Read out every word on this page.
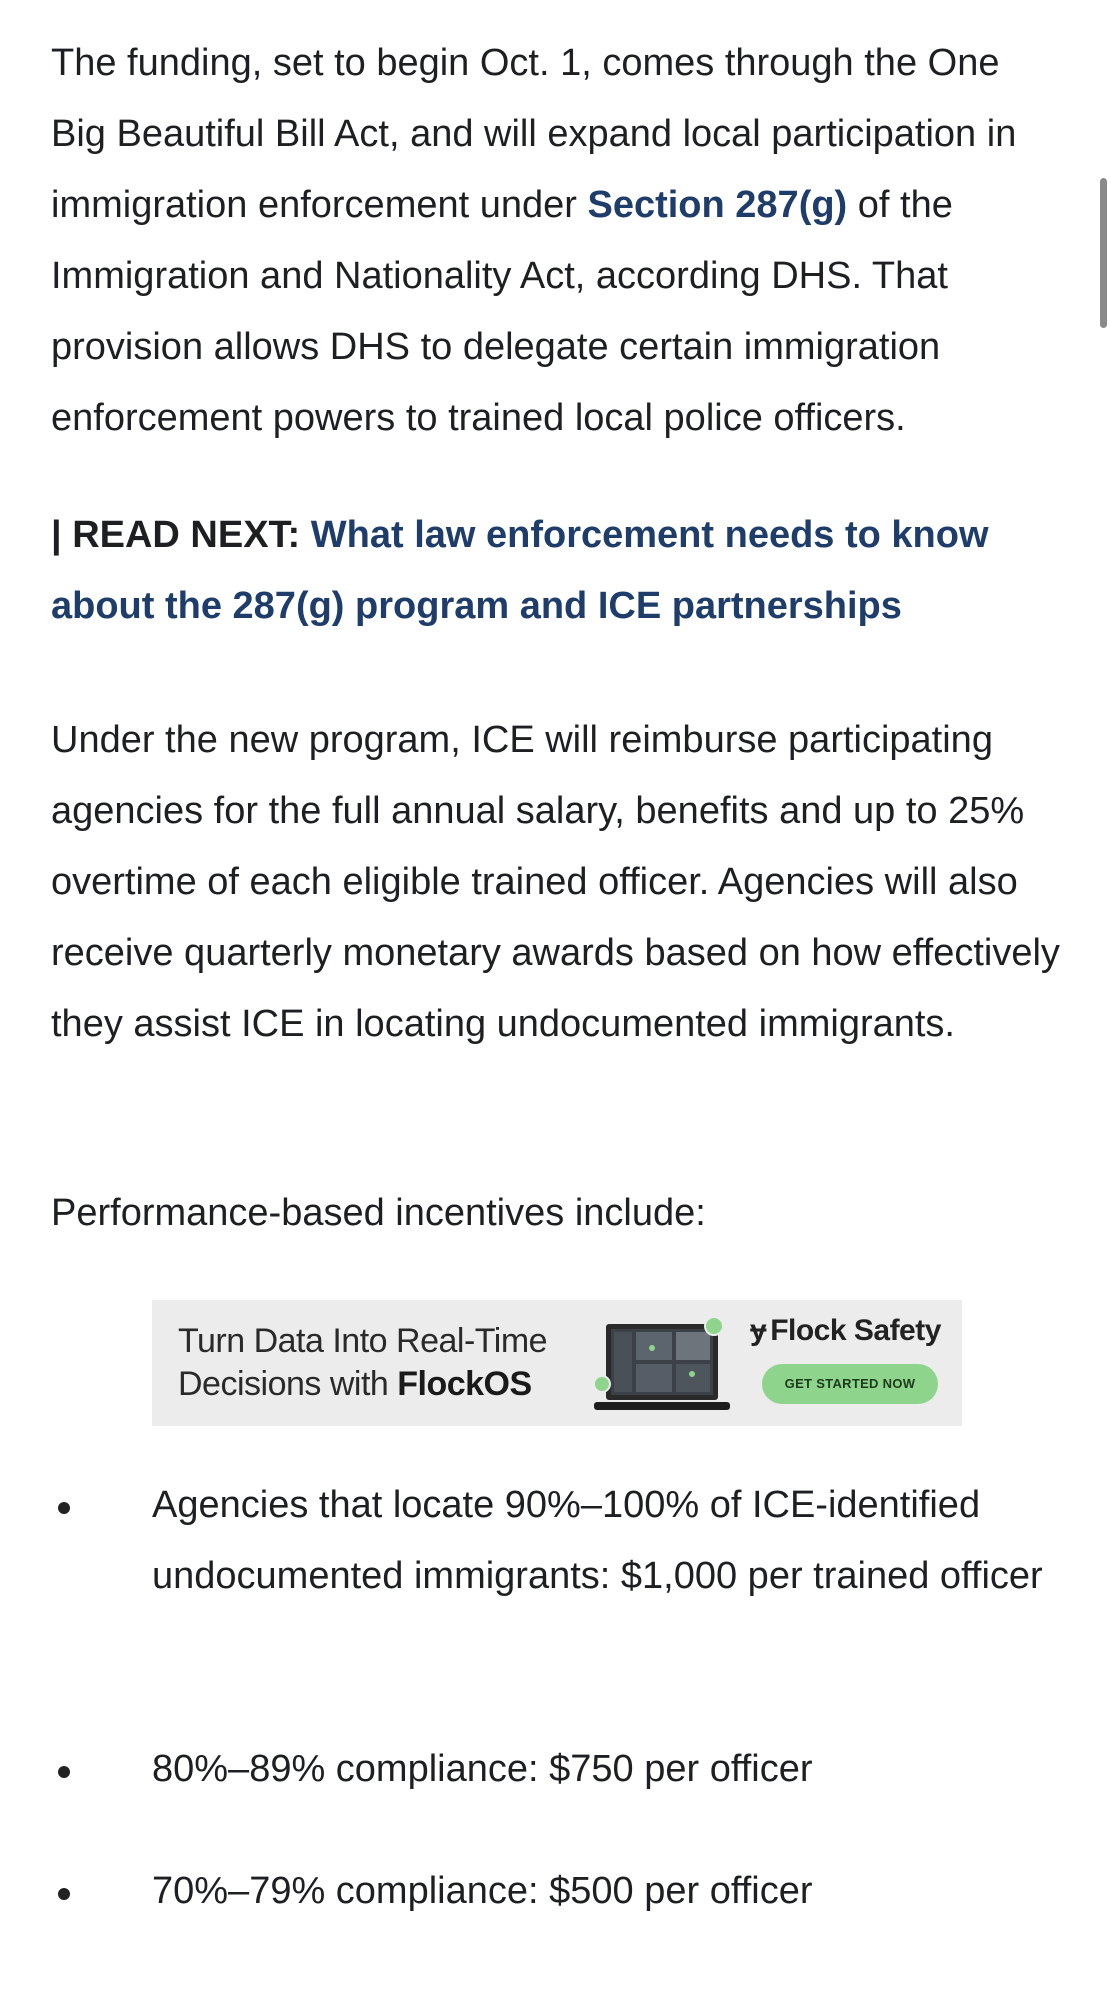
The funding, set to begin Oct. 1, comes through the One Big Beautiful Bill Act, and will expand local participation in immigration enforcement under Section 287(g) of the Immigration and Nationality Act, according DHS. That provision allows DHS to delegate certain immigration enforcement powers to trained local police officers.

| READ NEXT: What law enforcement needs to know about the 287(g) program and ICE partnerships

Under the new program, ICE will reimburse participating agencies for the full annual salary, benefits and up to 25% overtime of each eligible trained officer. Agencies will also receive quarterly monetary awards based on how effectively they assist ICE in locating undocumented immigrants.

Performance-based incentives include:

Turn Data Into Real-Time
Decisions with FlockOS
ɏ Flock Safety
GET STARTED NOW
Agencies that locate 90%–100% of ICE-identified undocumented immigrants: $1,000 per trained officer
80%–89% compliance: $750 per officer
70%–79% compliance: $500 per officer
